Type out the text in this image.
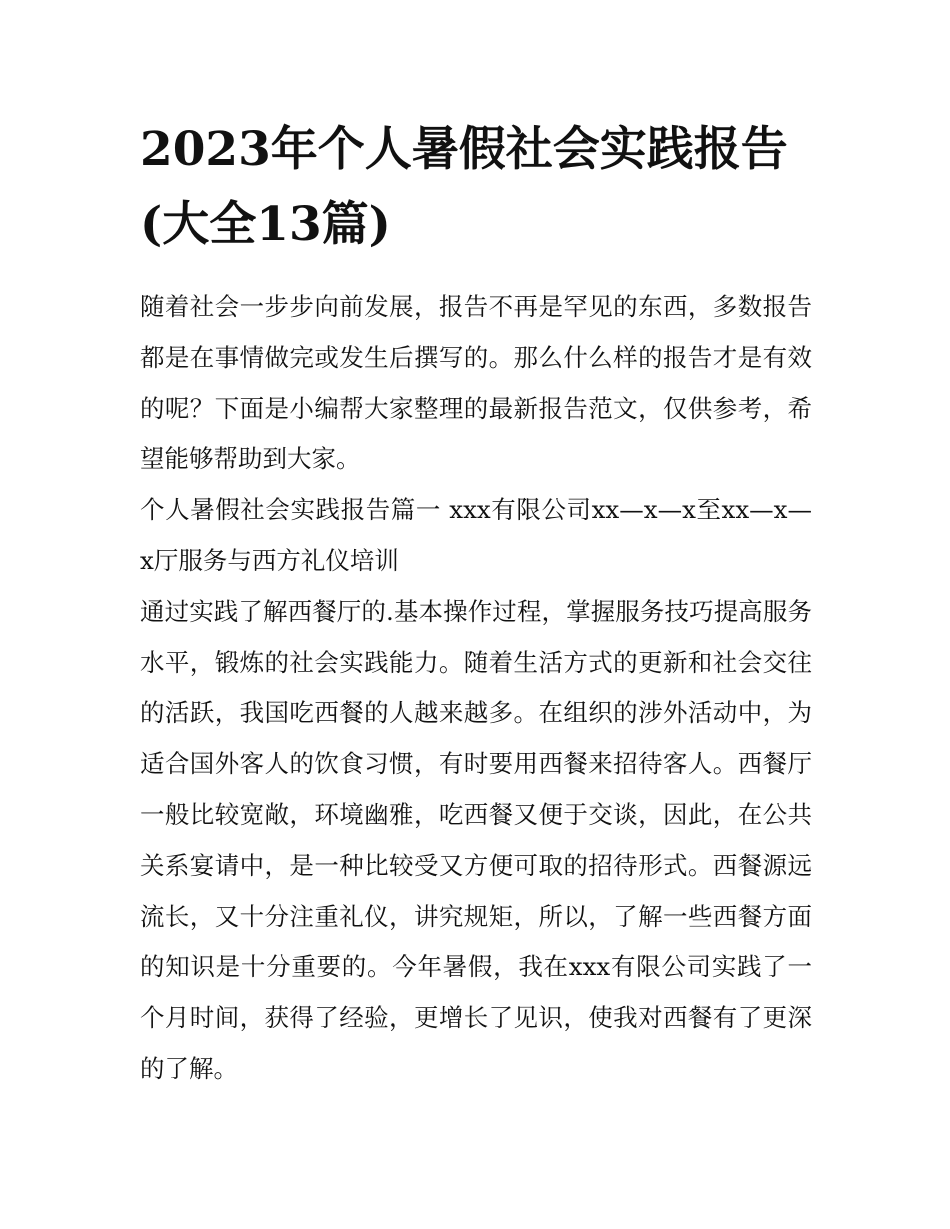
2023年个人暑假社会实践报告(大全13篇)

随着社会一步步向前发展，报告不再是罕见的东西，多数报告都是在事情做完或发生后撰写的。那么什么样的报告才是有效的呢？下面是小编帮大家整理的最新报告范文，仅供参考，希望能够帮助到大家。

个人暑假社会实践报告篇一 xxx有限公司xx—x—x至xx—x—x厅服务与西方礼仪培训

通过实践了解西餐厅的.基本操作过程，掌握服务技巧提高服务水平，锻炼的社会实践能力。随着生活方式的更新和社会交往的活跃，我国吃西餐的人越来越多。在组织的涉外活动中，为适合国外客人的饮食习惯，有时要用西餐来招待客人。西餐厅一般比较宽敞，环境幽雅，吃西餐又便于交谈，因此，在公共关系宴请中，是一种比较受又方便可取的招待形式。西餐源远流长，又十分注重礼仪，讲究规矩，所以，了解一些西餐方面的知识是十分重要的。今年暑假，我在xxx有限公司实践了一个月时间，获得了经验，更增长了见识，使我对西餐有了更深的了解。
